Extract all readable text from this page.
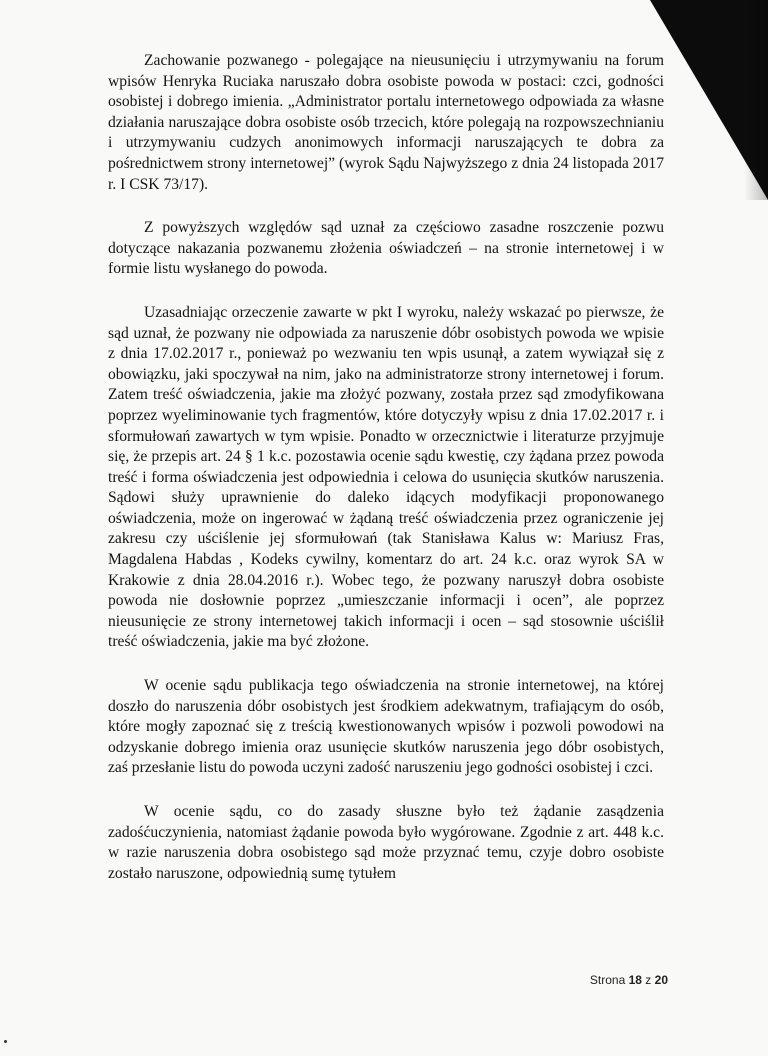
Zachowanie pozwanego - polegające na nieusunięciu i utrzymywaniu na forum wpisów Henryka Ruciaka naruszało dobra osobiste powoda w postaci: czci, godności osobistej i dobrego imienia. „Administrator portalu internetowego odpowiada za własne działania naruszające dobra osobiste osób trzecich, które polegają na rozpowszechnianiu i utrzymywaniu cudzych anonimowych informacji naruszających te dobra za pośrednictwem strony internetowej” (wyrok Sądu Najwyższego z dnia 24 listopada 2017 r. I CSK 73/17).

Z powyższych względów sąd uznał za częściowo zasadne roszczenie pozwu dotyczące nakazania pozwanemu złożenia oświadczeń – na stronie internetowej i w formie listu wysłanego do powoda.

Uzasadniając orzeczenie zawarte w pkt I wyroku, należy wskazać po pierwsze, że sąd uznał, że pozwany nie odpowiada za naruszenie dóbr osobistych powoda we wpisie z dnia 17.02.2017 r., ponieważ po wezwaniu ten wpis usunął, a zatem wywiązał się z obowiązku, jaki spoczywał na nim, jako na administratorze strony internetowej i forum. Zatem treść oświadczenia, jakie ma złożyć pozwany, została przez sąd zmodyfikowana poprzez wyeliminowanie tych fragmentów, które dotyczyły wpisu z dnia 17.02.2017 r. i sformułowań zawartych w tym wpisie. Ponadto w orzecznictwie i literaturze przyjmuje się, że przepis art. 24 § 1 k.c. pozostawia ocenie sądu kwestię, czy żądana przez powoda treść i forma oświadczenia jest odpowiednia i celowa do usunięcia skutków naruszenia. Sądowi służy uprawnienie do daleko idących modyfikacji proponowanego oświadczenia, może on ingerować w żądaną treść oświadczenia przez ograniczenie jej zakresu czy uściślenie jej sformułowań (tak Stanisława Kalus w: Mariusz Fras, Magdalena Habdas , Kodeks cywilny, komentarz do art. 24 k.c. oraz wyrok SA w Krakowie z dnia 28.04.2016 r.). Wobec tego, że pozwany naruszył dobra osobiste powoda nie dosłownie poprzez „umieszczanie informacji i ocen”, ale poprzez nieusunięcie ze strony internetowej takich informacji i ocen – sąd stosownie uściślił treść oświadczenia, jakie ma być złożone.

W ocenie sądu publikacja tego oświadczenia na stronie internetowej, na której doszło do naruszenia dóbr osobistych jest środkiem adekwatnym, trafiającym do osób, które mogły zapoznać się z treścią kwestionowanych wpisów i pozwoli powodowi na odzyskanie dobrego imienia oraz usunięcie skutków naruszenia jego dóbr osobistych, zaś przesłanie listu do powoda uczyni zadość naruszeniu jego godności osobistej i czci.

W ocenie sądu, co do zasady słuszne było też żądanie zasądzenia zadośćuczynienia, natomiast żądanie powoda było wygórowane. Zgodnie z art. 448 k.c. w razie naruszenia dobra osobistego sąd może przyznać temu, czyje dobro osobiste zostało naruszone, odpowiednią sumę tytułem

Strona 18 z 20
